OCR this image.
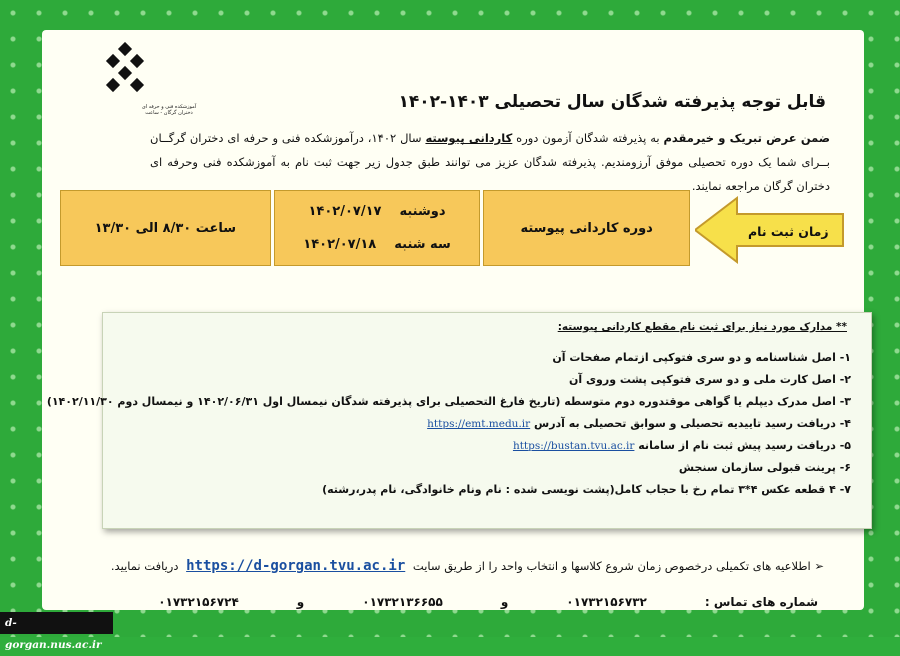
آموزشکده فنی و حرفه ای دختران گرگان - ساعت
قابل توجه پذیرفته شدگان سال تحصیلی ۱۴۰۳-۱۴۰۲
ضمن عرض تبریک و خیرمقدم به پذیرفته شدگان آزمون دوره کاردانی پیوسته سال ۱۴۰۲، درآموزشکده فنی و حرفه ای دختران گرگــان بــرای شما یک دوره تحصیلی موفق آرزومندیم. پذیرفته شدگان عزیز می توانند طبق جدول زیر جهت ثبت نام به آموزشکده فنی وحرفه ای دختران گرگان مراجعه نمایند.
** مدارک مورد نیاز برای ثبت نام مقطع کاردانی پیوسته:
۱- اصل شناسنامه و دو سری فتوکپی ازتمام صفحات آن
۲- اصل کارت ملی و دو سری فتوکپی پشت وروی آن
۳- اصل مدرک دیپلم یا گواهی موقتدوره دوم متوسطه (تاریخ فارغ التحصیلی برای پذیرفته شدگان نیمسال اول ۱۴۰۲/۰۶/۳۱ و نیمسال دوم ۱۴۰۲/۱۱/۳۰)
۴- دریافت رسید تاییدیه تحصیلی و سوابق تحصیلی به آدرس https://emt.medu.ir
۵- دریافت رسید پیش ثبت نام از سامانه https://bustan.tvu.ac.ir
۶- پرینت قبولی سازمان سنجش
۷- ۴ قطعه عکس ۴*۳ تمام رخ با حجاب کامل(پشت نویسی شده : نام ونام خانوادگی، نام پدر،رشته)
➢ اطلاعیه های تکمیلی درخصوص زمان شروع کلاسها و انتخاب واحد را از طریق سایت https://d-gorgan.tvu.ac.ir دریافت نمایید.
شماره های تماس :
۰۱۷۳۲۱۵۶۷۳۲
و
۰۱۷۳۲۱۳۶۶۵۵
و
۰۱۷۳۲۱۵۶۷۲۴
دوره کاردانی پیوسته
دوشنبه
۱۴۰۲/۰۷/۱۷
سه شنبه
۱۴۰۲/۰۷/۱۸
ساعت ۸/۳۰ الی ۱۳/۳۰	زمان ثبت نام
d-gorgan.nus.ac.ir
